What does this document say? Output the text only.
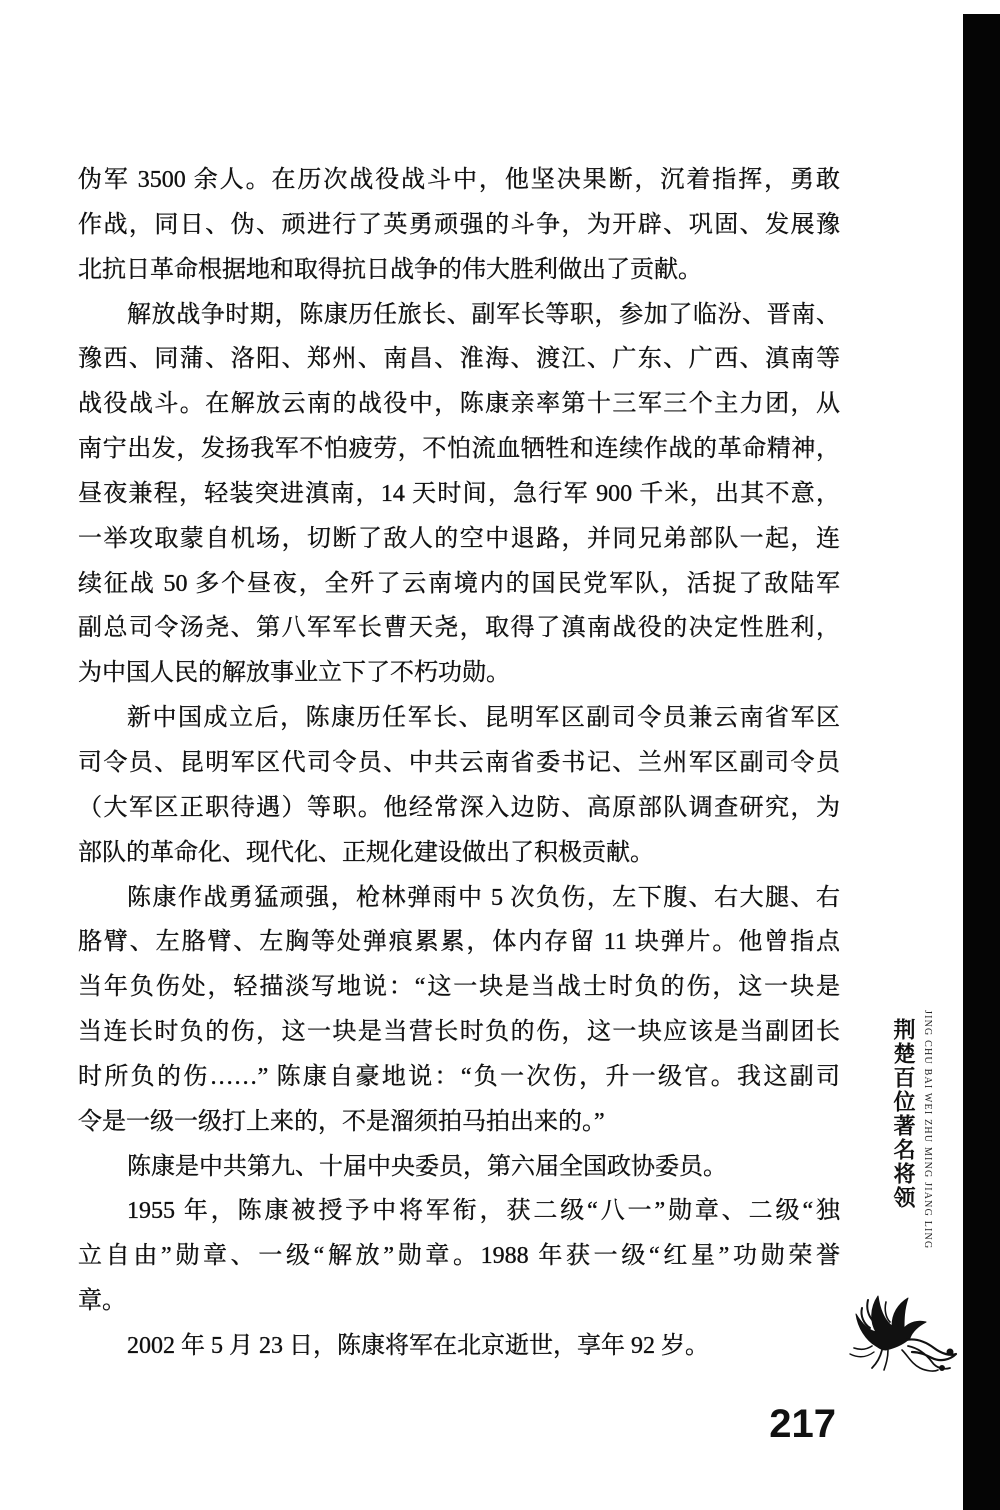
伪军 3500 余人。在历次战役战斗中，他坚决果断，沉着指挥，勇敢
作战，同日、伪、顽进行了英勇顽强的斗争，为开辟、巩固、发展豫
北抗日革命根据地和取得抗日战争的伟大胜利做出了贡献。
解放战争时期，陈康历任旅长、副军长等职，参加了临汾、晋南、
豫西、同蒲、洛阳、郑州、南昌、淮海、渡江、广东、广西、滇南等
战役战斗。在解放云南的战役中，陈康亲率第十三军三个主力团，从
南宁出发，发扬我军不怕疲劳，不怕流血牺牲和连续作战的革命精神，
昼夜兼程，轻装突进滇南，14 天时间，急行军 900 千米，出其不意，
一举攻取蒙自机场，切断了敌人的空中退路，并同兄弟部队一起，连
续征战 50 多个昼夜，全歼了云南境内的国民党军队，活捉了敌陆军
副总司令汤尧、第八军军长曹天尧，取得了滇南战役的决定性胜利，
为中国人民的解放事业立下了不朽功勋。
新中国成立后，陈康历任军长、昆明军区副司令员兼云南省军区
司令员、昆明军区代司令员、中共云南省委书记、兰州军区副司令员
（大军区正职待遇）等职。他经常深入边防、高原部队调查研究，为
部队的革命化、现代化、正规化建设做出了积极贡献。
陈康作战勇猛顽强，枪林弹雨中 5 次负伤，左下腹、右大腿、右
胳臂、左胳臂、左胸等处弹痕累累，体内存留 11 块弹片。他曾指点
当年负伤处，轻描淡写地说：“这一块是当战士时负的伤，这一块是
当连长时负的伤，这一块是当营长时负的伤，这一块应该是当副团长
时所负的伤……” 陈康自豪地说：“负一次伤，升一级官。我这副司
令是一级一级打上来的，不是溜须拍马拍出来的。”
陈康是中共第九、十届中央委员，第六届全国政协委员。
1955 年，陈康被授予中将军衔，获二级“八一”勋章、二级“独
立自由”勋章、一级“解放”勋章。1988 年获一级“红星”功勋荣誉
章。
2002 年 5 月 23 日，陈康将军在北京逝世，享年 92 岁。
荆楚百位著名将领 JING CHU BAI WEI ZHU MING JIANG LING
217
